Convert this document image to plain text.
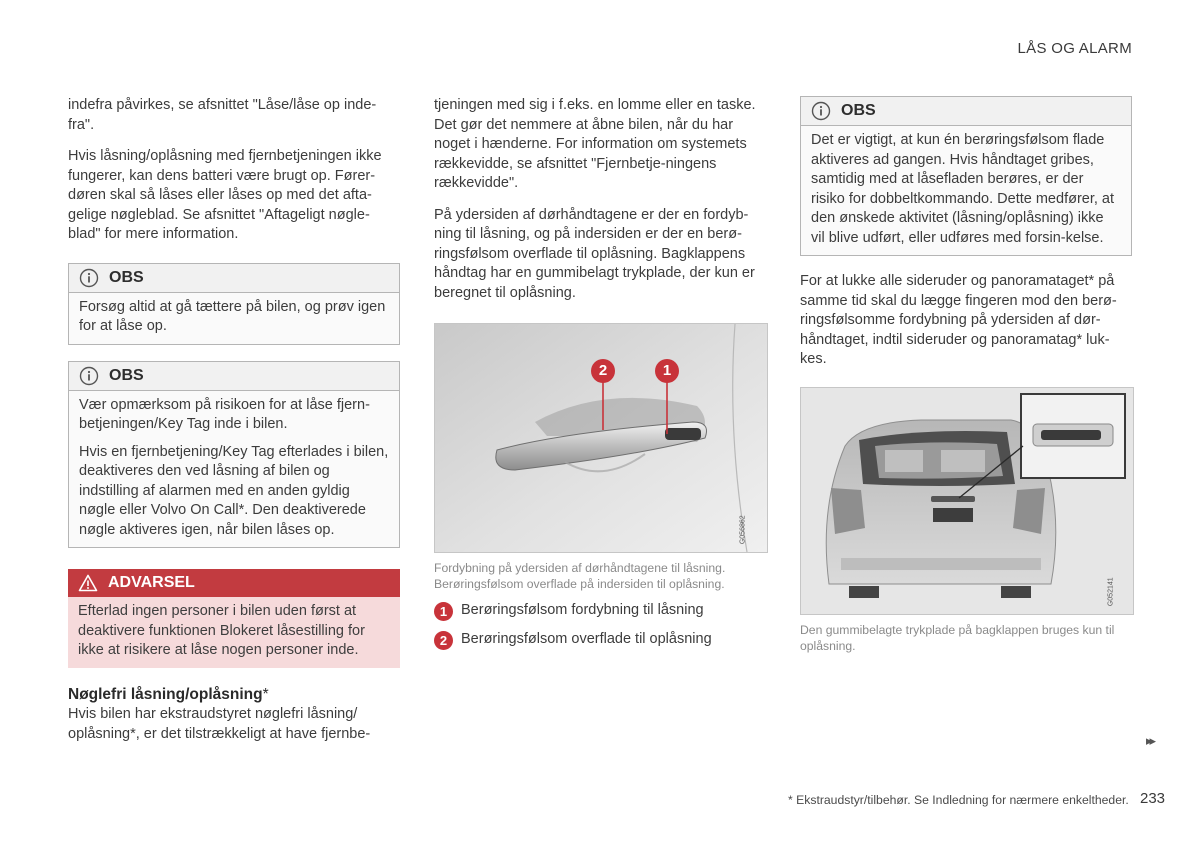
LÅS OG ALARM

indefra påvirkes, se afsnittet "Låse/låse op inde-fra".

Hvis låsning/oplåsning med fjernbetjeningen ikke fungerer, kan dens batteri være brugt op. Fører-døren skal så låses eller låses op med det afta-gelige nøgleblad. Se afsnittet "Aftageligt nøgle-blad" for mere information.

OBS

Forsøg altid at gå tættere på bilen, og prøv igen for at låse op.

OBS

Vær opmærksom på risikoen for at låse fjern-betjeningen/Key Tag inde i bilen.

Hvis en fjernbetjening/Key Tag efterlades i bilen, deaktiveres den ved låsning af bilen og indstilling af alarmen med en anden gyldig nøgle eller Volvo On Call*. Den deaktiverede nøgle aktiveres igen, når bilen låses op.

ADVARSEL
Efterlad ingen personer i bilen uden først at deaktivere funktionen Blokeret låsestilling for ikke at risikere at låse nogen personer inde.
Nøglefri låsning/oplåsning*

Hvis bilen har ekstraudstyret nøglefri låsning/ oplåsning*, er det tilstrækkeligt at have fjernbe-

tjeningen med sig i f.eks. en lomme eller en taske. Det gør det nemmere at åbne bilen, når du har noget i hænderne. For information om systemets rækkevidde, se afsnittet "Fjernbetje-ningens rækkevidde".

På ydersiden af dørhåndtagene er der en fordyb-ning til låsning, og på indersiden er der en berø-ringsfølsom overflade til oplåsning. Bagklappens håndtag har en gummibelagt trykplade, der kun er beregnet til oplåsning.

2	1
G056862
Fordybning på ydersiden af dørhåndtagene til låsning. Berøringsfølsom overflade på indersiden til oplåsning.
1 Berøringsfølsom fordybning til låsning
2 Berøringsfølsom overflade til oplåsning
OBS

Det er vigtigt, at kun én berøringsfølsom flade aktiveres ad gangen. Hvis håndtaget gribes, samtidig med at låsefladen berøres, er der risiko for dobbeltkommando. Dette medfører, at den ønskede aktivitet (låsning/oplåsning) ikke vil blive udført, eller udføres med forsin-kelse.

For at lukke alle sideruder og panoramataget* på samme tid skal du lægge fingeren mod den berø-ringsfølsomme fordybning på ydersiden af dør-håndtaget, indtil sideruder og panoramatag* luk-kes.

G052141
Den gummibelagte trykplade på bagklappen bruges kun til oplåsning.
▸▸
* Ekstraudstyr/tilbehør. Se Indledning for nærmere enkeltheder. 233
